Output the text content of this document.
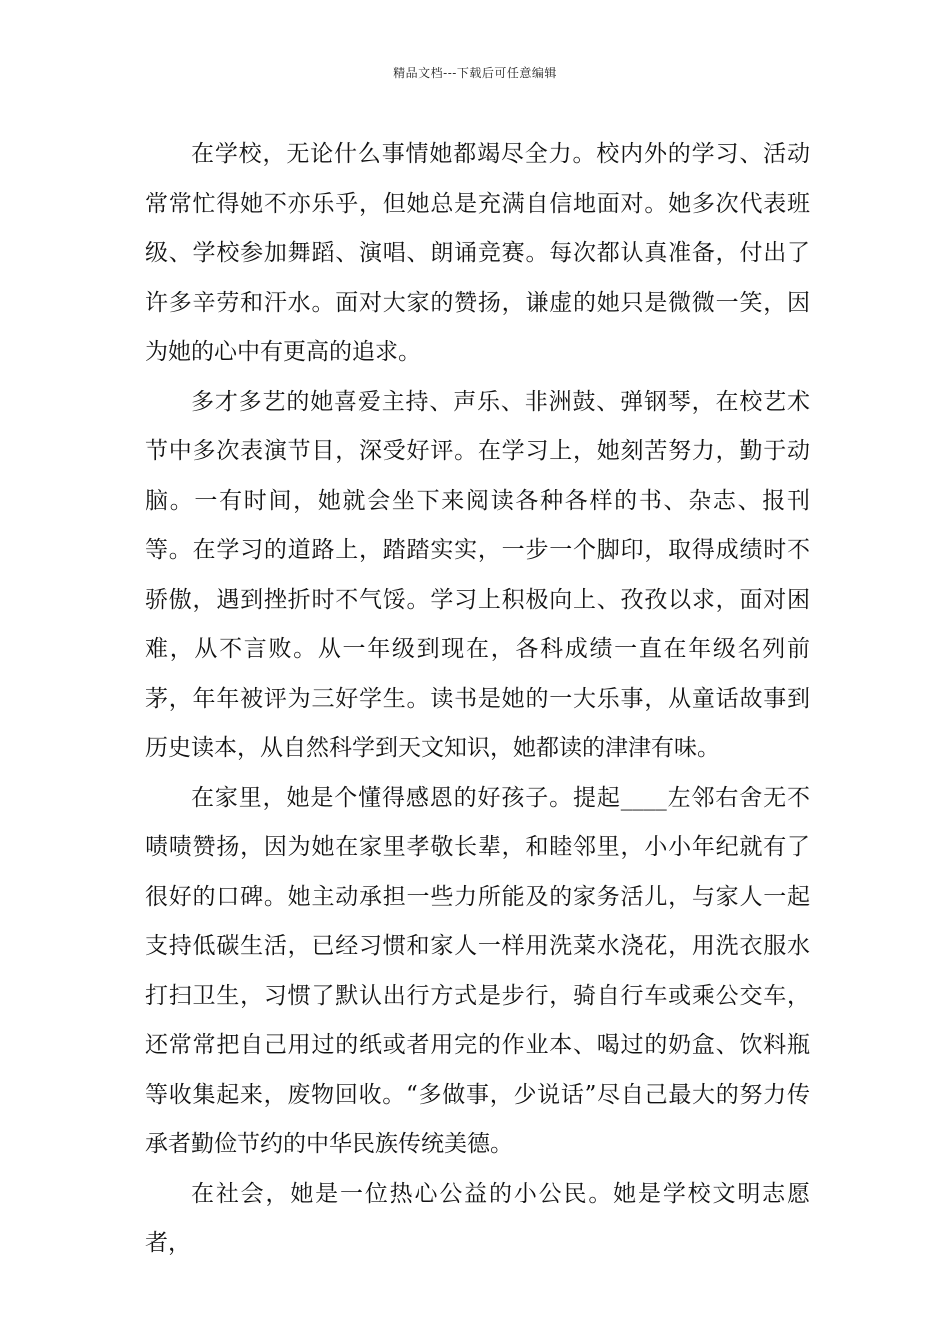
精品文档---下载后可任意编辑

在学校，无论什么事情她都竭尽全力。校内外的学习、活动常常忙得她不亦乐乎，但她总是充满自信地面对。她多次代表班级、学校参加舞蹈、演唱、朗诵竞赛。每次都认真准备，付出了许多辛劳和汗水。面对大家的赞扬，谦虚的她只是微微一笑，因为她的心中有更高的追求。

多才多艺的她喜爱主持、声乐、非洲鼓、弹钢琴，在校艺术节中多次表演节目，深受好评。在学习上，她刻苦努力，勤于动脑。一有时间，她就会坐下来阅读各种各样的书、杂志、报刊等。在学习的道路上，踏踏实实，一步一个脚印，取得成绩时不骄傲，遇到挫折时不气馁。学习上积极向上、孜孜以求，面对困难，从不言败。从一年级到现在，各科成绩一直在年级名列前茅，年年被评为三好学生。读书是她的一大乐事，从童话故事到历史读本，从自然科学到天文知识，她都读的津津有味。

在家里，她是个懂得感恩的好孩子。提起____左邻右舍无不啧啧赞扬，因为她在家里孝敬长辈，和睦邻里，小小年纪就有了很好的口碑。她主动承担一些力所能及的家务活儿，与家人一起支持低碳生活，已经习惯和家人一样用洗菜水浇花，用洗衣服水打扫卫生，习惯了默认出行方式是步行，骑自行车或乘公交车，还常常把自己用过的纸或者用完的作业本、喝过的奶盒、饮料瓶等收集起来，废物回收。“多做事，少说话”尽自己最大的努力传承者勤俭节约的中华民族传统美德。

在社会，她是一位热心公益的小公民。她是学校文明志愿者，
